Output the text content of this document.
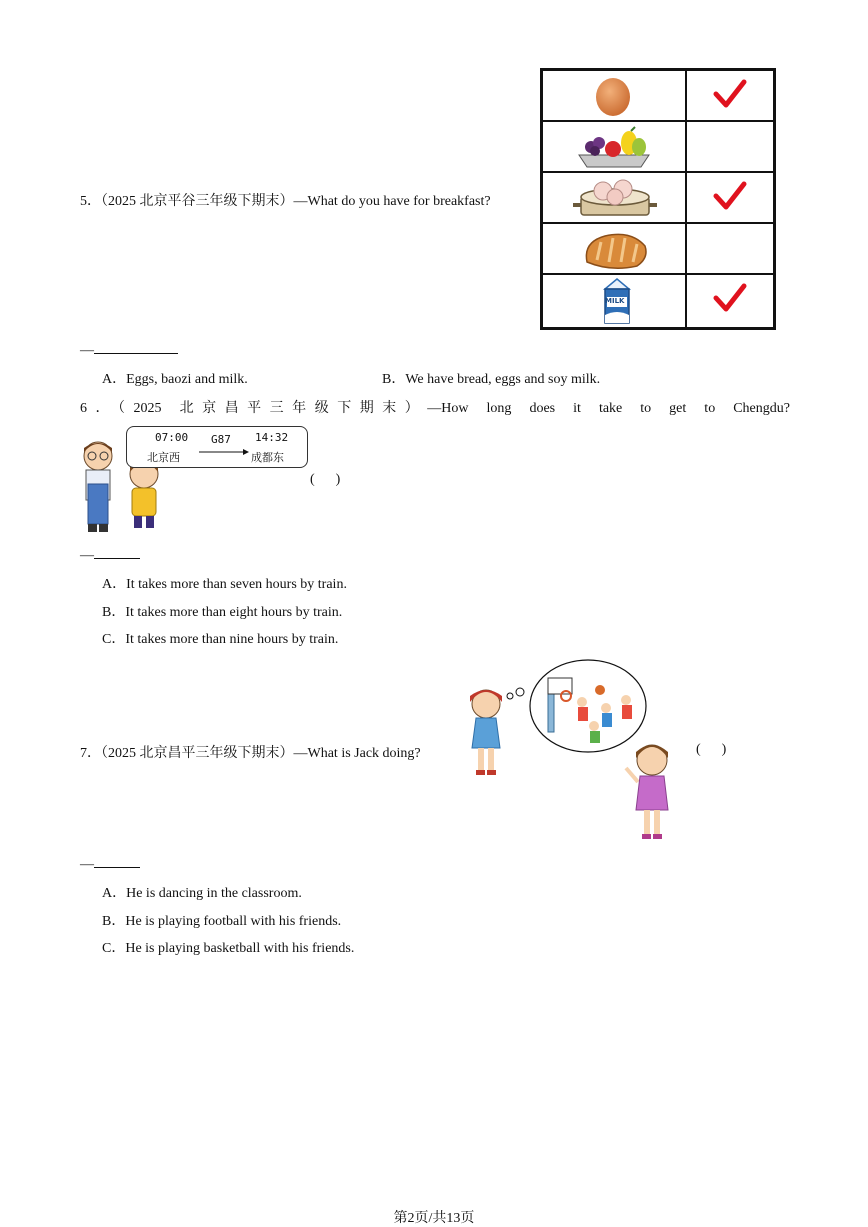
5．（2025 北京平谷三年级下期末）—What do you have for breakfast?
MILK
—
A．Eggs, baozi and milk.	B．We have bread, eggs and soy milk.
6．（2025 北京昌平三年级下期末）—How long does it take to get to Chengdu?
07:00 G87 14:32
北京西	成都东
(      )
—
A．It takes more than seven hours by train.
B．It takes more than eight hours by train.
C．It takes more than nine hours by train.
7．（2025 北京昌平三年级下期末）—What is Jack doing?	(      )
—
A．He is dancing in the classroom.
B．He is playing football with his friends.
C．He is playing basketball with his friends.
第2页/共13页
